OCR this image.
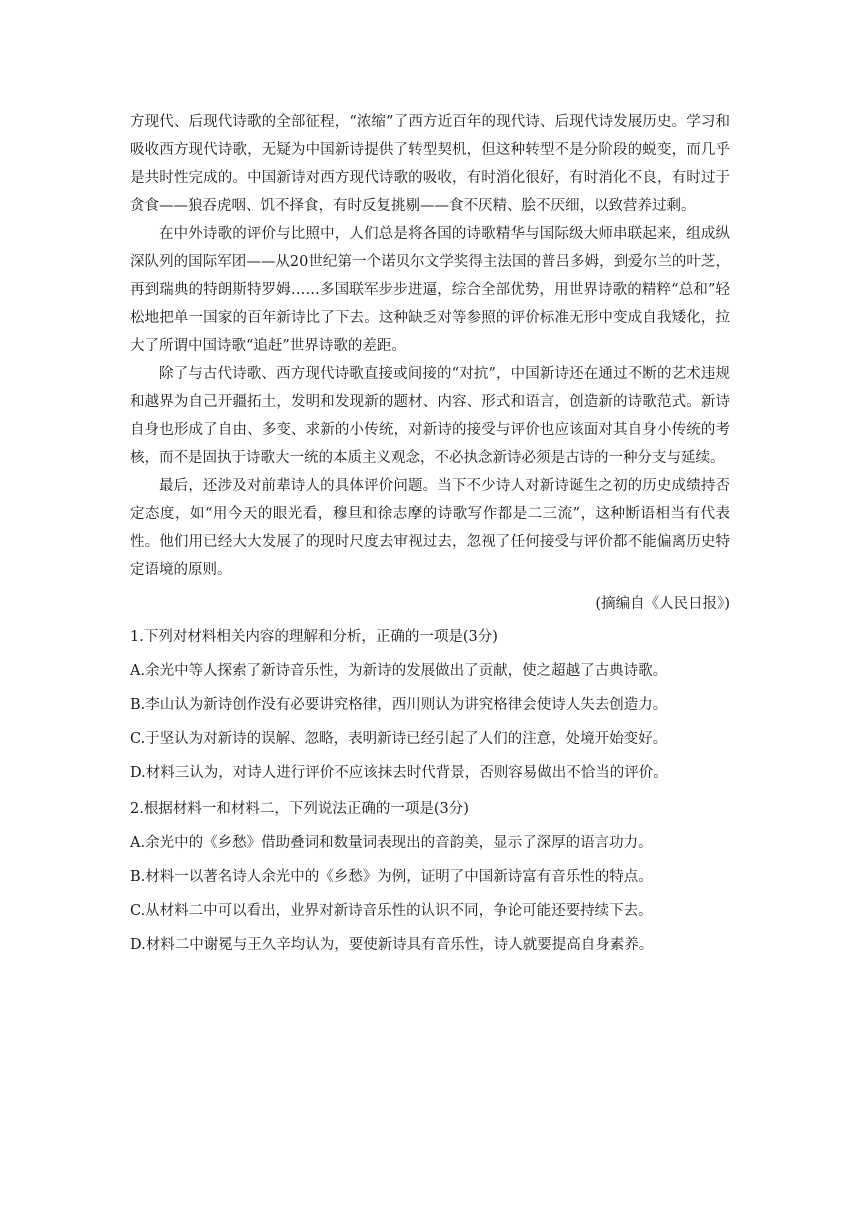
方现代、后现代诗歌的全部征程，“浓缩”了西方近百年的现代诗、后现代诗发展历史。学习和吸收西方现代诗歌，无疑为中国新诗提供了转型契机，但这种转型不是分阶段的蜕变，而几乎是共时性完成的。中国新诗对西方现代诗歌的吸收，有时消化很好，有时消化不良，有时过于贪食——狼吞虎咽、饥不择食，有时反复挑剔——食不厌精、脍不厌细，以致营养过剩。

在中外诗歌的评价与比照中，人们总是将各国的诗歌精华与国际级大师串联起来，组成纵深队列的国际军团——从20世纪第一个诺贝尔文学奖得主法国的普吕多姆，到爱尔兰的叶芝，再到瑞典的特朗斯特罗姆……多国联军步步进逼，综合全部优势，用世界诗歌的精粹“总和”轻松地把单一国家的百年新诗比了下去。这种缺乏对等参照的评价标准无形中变成自我矮化，拉大了所谓中国诗歌“追赶”世界诗歌的差距。

除了与古代诗歌、西方现代诗歌直接或间接的“对抗”，中国新诗还在通过不断的艺术违规和越界为自己开疆拓土，发明和发现新的题材、内容、形式和语言，创造新的诗歌范式。新诗自身也形成了自由、多变、求新的小传统，对新诗的接受与评价也应该面对其自身小传统的考核，而不是固执于诗歌大一统的本质主义观念，不必执念新诗必须是古诗的一种分支与延续。

最后，还涉及对前辈诗人的具体评价问题。当下不少诗人对新诗诞生之初的历史成绩持否定态度，如“用今天的眼光看，穆旦和徐志摩的诗歌写作都是二三流”，这种断语相当有代表性。他们用已经大大发展了的现时尺度去审视过去，忽视了任何接受与评价都不能偏离历史特定语境的原则。

(摘编自《人民日报》)

1.下列对材料相关内容的理解和分析，正确的一项是(3分)

A.余光中等人探索了新诗音乐性，为新诗的发展做出了贡献，使之超越了古典诗歌。

B.李山认为新诗创作没有必要讲究格律，西川则认为讲究格律会使诗人失去创造力。

C.于坚认为对新诗的误解、忽略，表明新诗已经引起了人们的注意，处境开始变好。

D.材料三认为，对诗人进行评价不应该抹去时代背景，否则容易做出不恰当的评价。

2.根据材料一和材料二，下列说法正确的一项是(3分)

A.余光中的《乡愁》借助叠词和数量词表现出的音韵美，显示了深厚的语言功力。

B.材料一以著名诗人余光中的《乡愁》为例，证明了中国新诗富有音乐性的特点。

C.从材料二中可以看出，业界对新诗音乐性的认识不同，争论可能还要持续下去。

D.材料二中谢冕与王久辛均认为，要使新诗具有音乐性，诗人就要提高自身素养。
